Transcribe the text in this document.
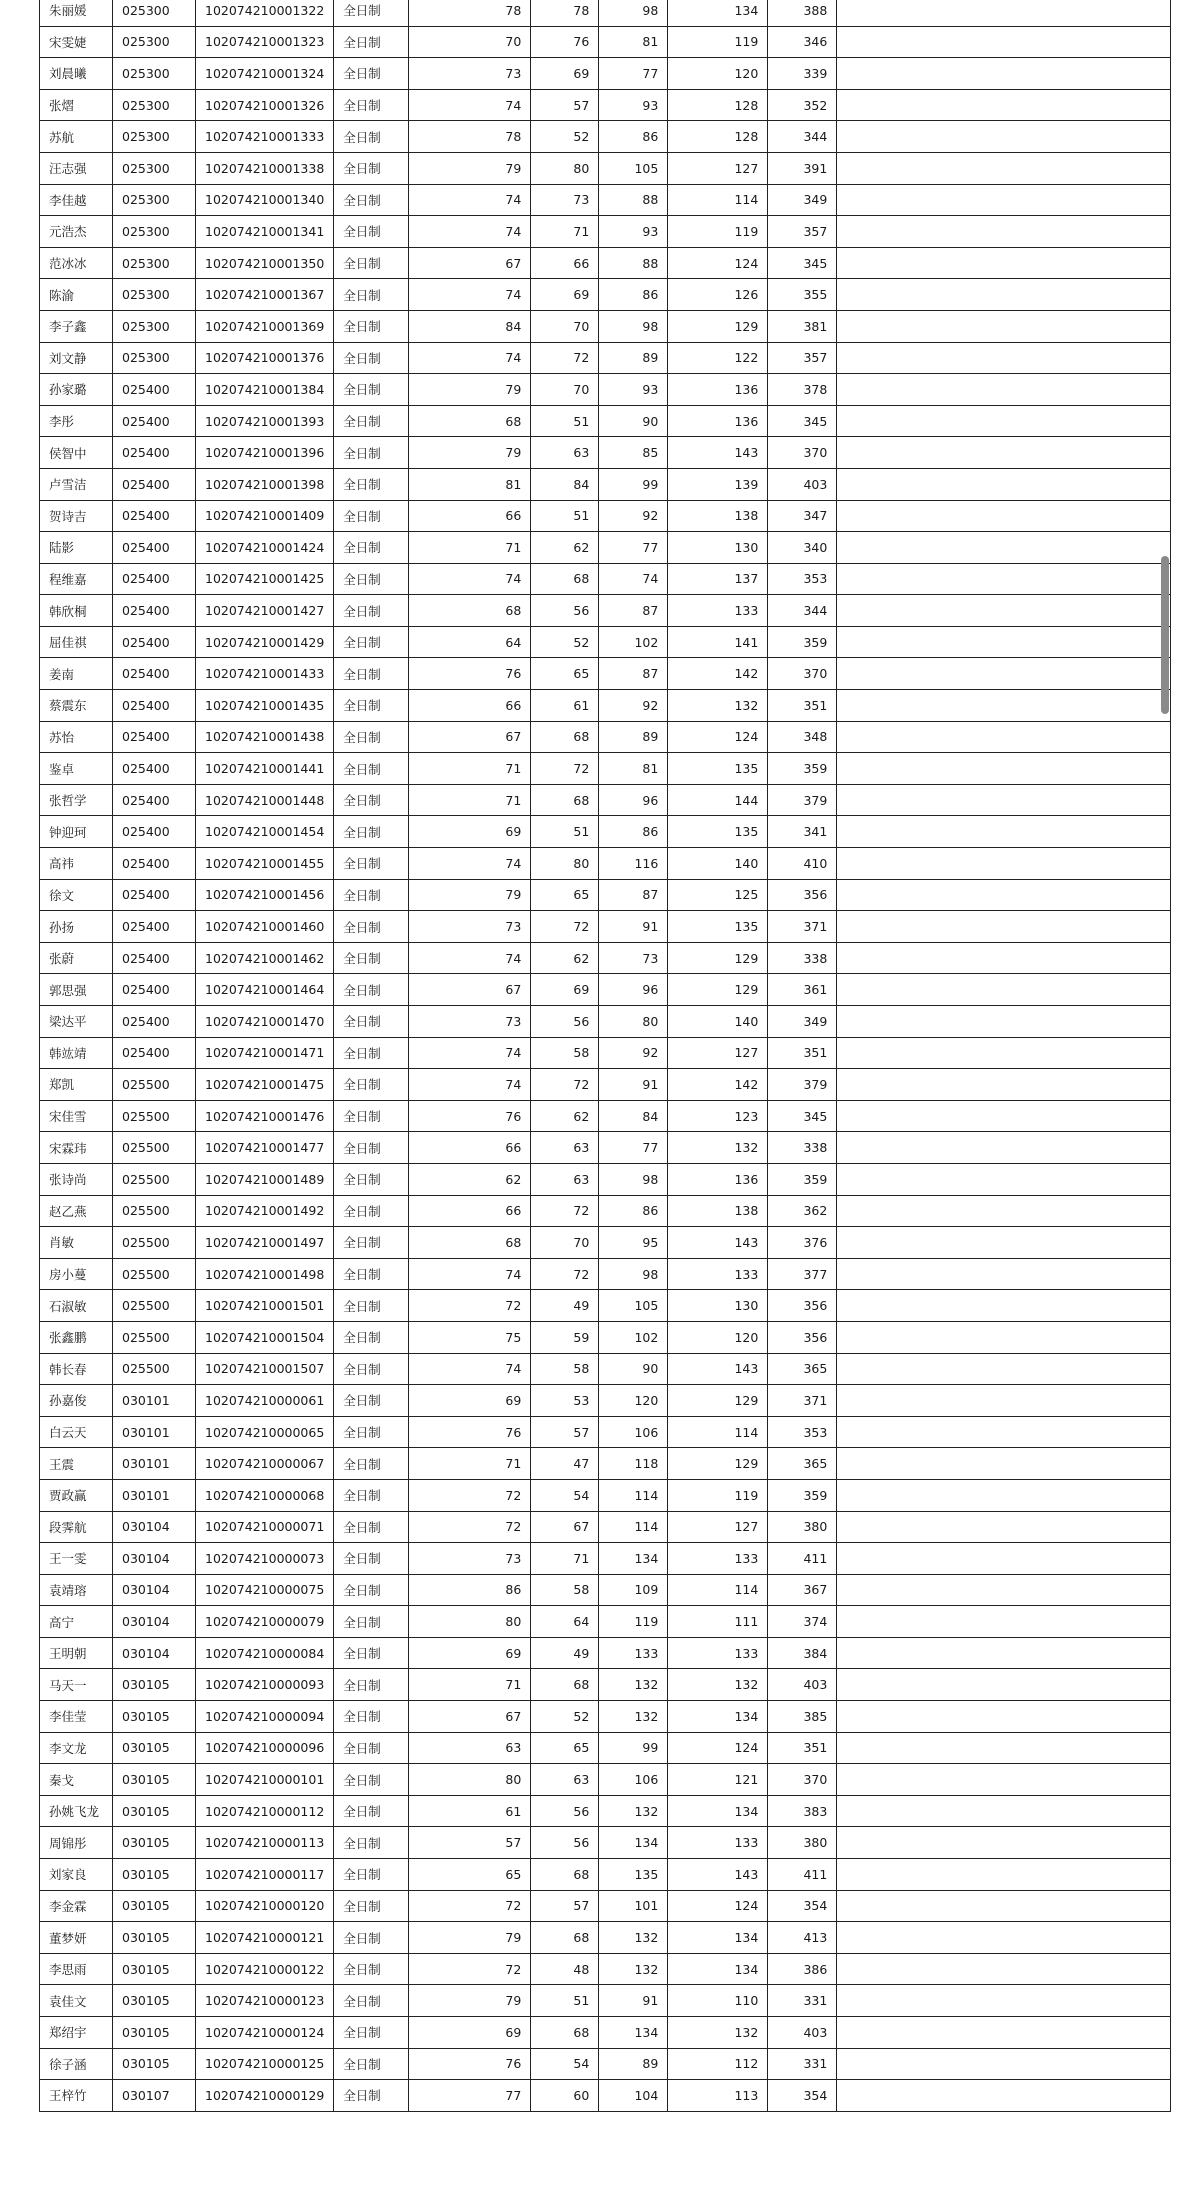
朱丽媛	025300	102074210001322	全日制	78	78	98	134	388	
宋雯婕	025300	102074210001323	全日制	70	76	81	119	346	
刘晨曦	025300	102074210001324	全日制	73	69	77	120	339	
张熠	025300	102074210001326	全日制	74	57	93	128	352	
苏航	025300	102074210001333	全日制	78	52	86	128	344	
汪志强	025300	102074210001338	全日制	79	80	105	127	391	
李佳越	025300	102074210001340	全日制	74	73	88	114	349	
元浩杰	025300	102074210001341	全日制	74	71	93	119	357	
范冰冰	025300	102074210001350	全日制	67	66	88	124	345	
陈渝	025300	102074210001367	全日制	74	69	86	126	355	
李子鑫	025300	102074210001369	全日制	84	70	98	129	381	
刘文静	025300	102074210001376	全日制	74	72	89	122	357	
孙家璐	025400	102074210001384	全日制	79	70	93	136	378	
李彤	025400	102074210001393	全日制	68	51	90	136	345	
侯智中	025400	102074210001396	全日制	79	63	85	143	370	
卢雪洁	025400	102074210001398	全日制	81	84	99	139	403	
贺诗吉	025400	102074210001409	全日制	66	51	92	138	347	
陆影	025400	102074210001424	全日制	71	62	77	130	340	
程维嘉	025400	102074210001425	全日制	74	68	74	137	353	
韩欣桐	025400	102074210001427	全日制	68	56	87	133	344	
屈佳祺	025400	102074210001429	全日制	64	52	102	141	359	
姜南	025400	102074210001433	全日制	76	65	87	142	370	
蔡震东	025400	102074210001435	全日制	66	61	92	132	351	
苏怡	025400	102074210001438	全日制	67	68	89	124	348	
鉴卓	025400	102074210001441	全日制	71	72	81	135	359	
张哲学	025400	102074210001448	全日制	71	68	96	144	379	
钟迎珂	025400	102074210001454	全日制	69	51	86	135	341	
高祎	025400	102074210001455	全日制	74	80	116	140	410	
徐文	025400	102074210001456	全日制	79	65	87	125	356	
孙扬	025400	102074210001460	全日制	73	72	91	135	371	
张蔚	025400	102074210001462	全日制	74	62	73	129	338	
郭思强	025400	102074210001464	全日制	67	69	96	129	361	
梁达平	025400	102074210001470	全日制	73	56	80	140	349	
韩竑靖	025400	102074210001471	全日制	74	58	92	127	351	
郑凯	025500	102074210001475	全日制	74	72	91	142	379	
宋佳雪	025500	102074210001476	全日制	76	62	84	123	345	
宋霖玮	025500	102074210001477	全日制	66	63	77	132	338	
张诗尚	025500	102074210001489	全日制	62	63	98	136	359	
赵乙燕	025500	102074210001492	全日制	66	72	86	138	362	
肖敏	025500	102074210001497	全日制	68	70	95	143	376	
房小蔓	025500	102074210001498	全日制	74	72	98	133	377	
石淑敏	025500	102074210001501	全日制	72	49	105	130	356	
张鑫鹏	025500	102074210001504	全日制	75	59	102	120	356	
韩长春	025500	102074210001507	全日制	74	58	90	143	365	
孙嘉俊	030101	102074210000061	全日制	69	53	120	129	371	
白云天	030101	102074210000065	全日制	76	57	106	114	353	
王震	030101	102074210000067	全日制	71	47	118	129	365	
贾政赢	030101	102074210000068	全日制	72	54	114	119	359	
段霁航	030104	102074210000071	全日制	72	67	114	127	380	
王一雯	030104	102074210000073	全日制	73	71	134	133	411	
袁靖瑢	030104	102074210000075	全日制	86	58	109	114	367	
高宁	030104	102074210000079	全日制	80	64	119	111	374	
王明朝	030104	102074210000084	全日制	69	49	133	133	384	
马天一	030105	102074210000093	全日制	71	68	132	132	403	
李佳莹	030105	102074210000094	全日制	67	52	132	134	385	
李文龙	030105	102074210000096	全日制	63	65	99	124	351	
秦戈	030105	102074210000101	全日制	80	63	106	121	370	
孙姚飞龙	030105	102074210000112	全日制	61	56	132	134	383	
周锦彤	030105	102074210000113	全日制	57	56	134	133	380	
刘家良	030105	102074210000117	全日制	65	68	135	143	411	
李金霖	030105	102074210000120	全日制	72	57	101	124	354	
董梦妍	030105	102074210000121	全日制	79	68	132	134	413	
李思雨	030105	102074210000122	全日制	72	48	132	134	386	
袁佳文	030105	102074210000123	全日制	79	51	91	110	331	
郑绍宇	030105	102074210000124	全日制	69	68	134	132	403	
徐子涵	030105	102074210000125	全日制	76	54	89	112	331	
王梓竹	030107	102074210000129	全日制	77	60	104	113	354	
